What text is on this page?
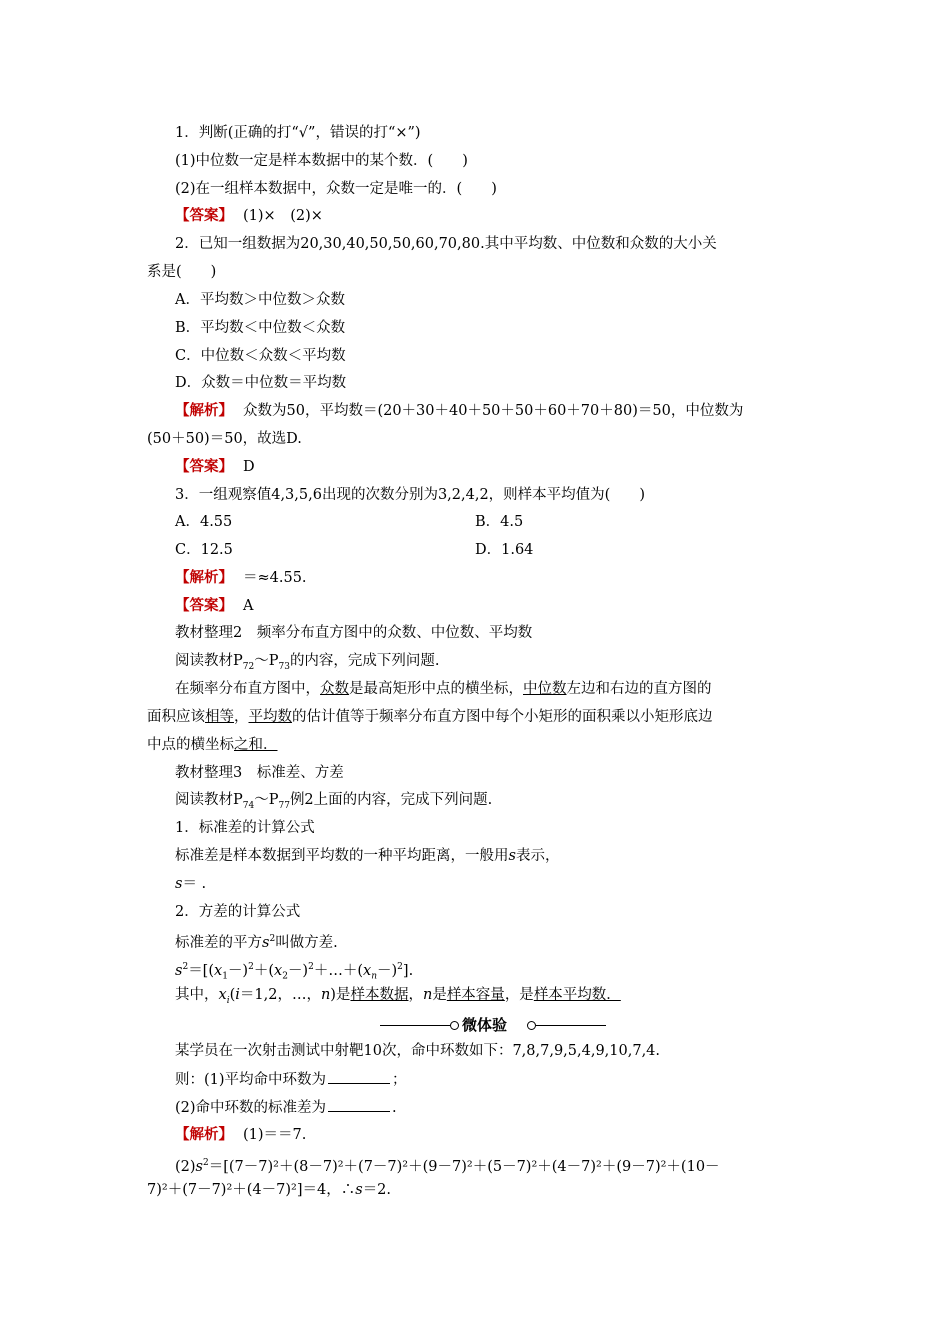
1．判断(正确的打“√”，错误的打“×”)
(1)中位数一定是样本数据中的某个数．(　　)
(2)在一组样本数据中，众数一定是唯一的．(　　)
【答案】 (1)×　(2)×
2．已知一组数据为20,30,40,50,50,60,70,80.其中平均数、中位数和众数的大小关
系是(　　)
A．平均数＞中位数＞众数
B．平均数＜中位数＜众数
C．中位数＜众数＜平均数
D．众数＝中位数＝平均数
【解析】 众数为50，平均数＝(20＋30＋40＋50＋50＋60＋70＋80)＝50，中位数为
(50＋50)＝50，故选D.
【答案】 D
3．一组观察值4,3,5,6出现的次数分别为3,2,4,2，则样本平均值为(　　)
A．4.55	B．4.5
C．12.5	D．1.64
【解析】 ＝≈4.55.
【答案】 A
教材整理2　频率分布直方图中的众数、中位数、平均数
阅读教材$P_{72}\sim P_{73}$的内容，完成下列问题.
在频率分布直方图中，众数是最高矩形中点的横坐标，中位数左边和右边的直方图的
面积应该相等，平均数的估计值等于频率分布直方图中每个小矩形的面积乘以小矩形底边
中点的横坐标之和．
教材整理3　标准差、方差
阅读教材$P_{74}\sim P_{77}$例2上面的内容，完成下列问题.
1．标准差的计算公式
标准差是样本数据到平均数的一种平均距离，一般用s表示，
s＝ .
2．方差的计算公式
标准差的平方$s^2$叫做方差.
$s^2=[(x_1-)^2+(x_2-)^2+\dots+(x_n-)^2]$.
其中，$x_i(i=1,2$，…，n)是样本数据，n是样本容量，是样本平均数．
微体验
某学员在一次射击测试中射靶10次，命中环数如下：7,8,7,9,5,4,9,10,7,4.
则：(1)平均命中环数为	；
(2)命中环数的标准差为	.
【解析】 (1)＝＝7.
$(2)s^2=[(7-7)^2+(8-7)^2+(7-7)^2+(9-7)^2+(5-7)^2+(4-7)^2+(9-7)^2+(10-$
7)²＋(7－7)²＋(4－7)²]＝4，∴s＝2.
